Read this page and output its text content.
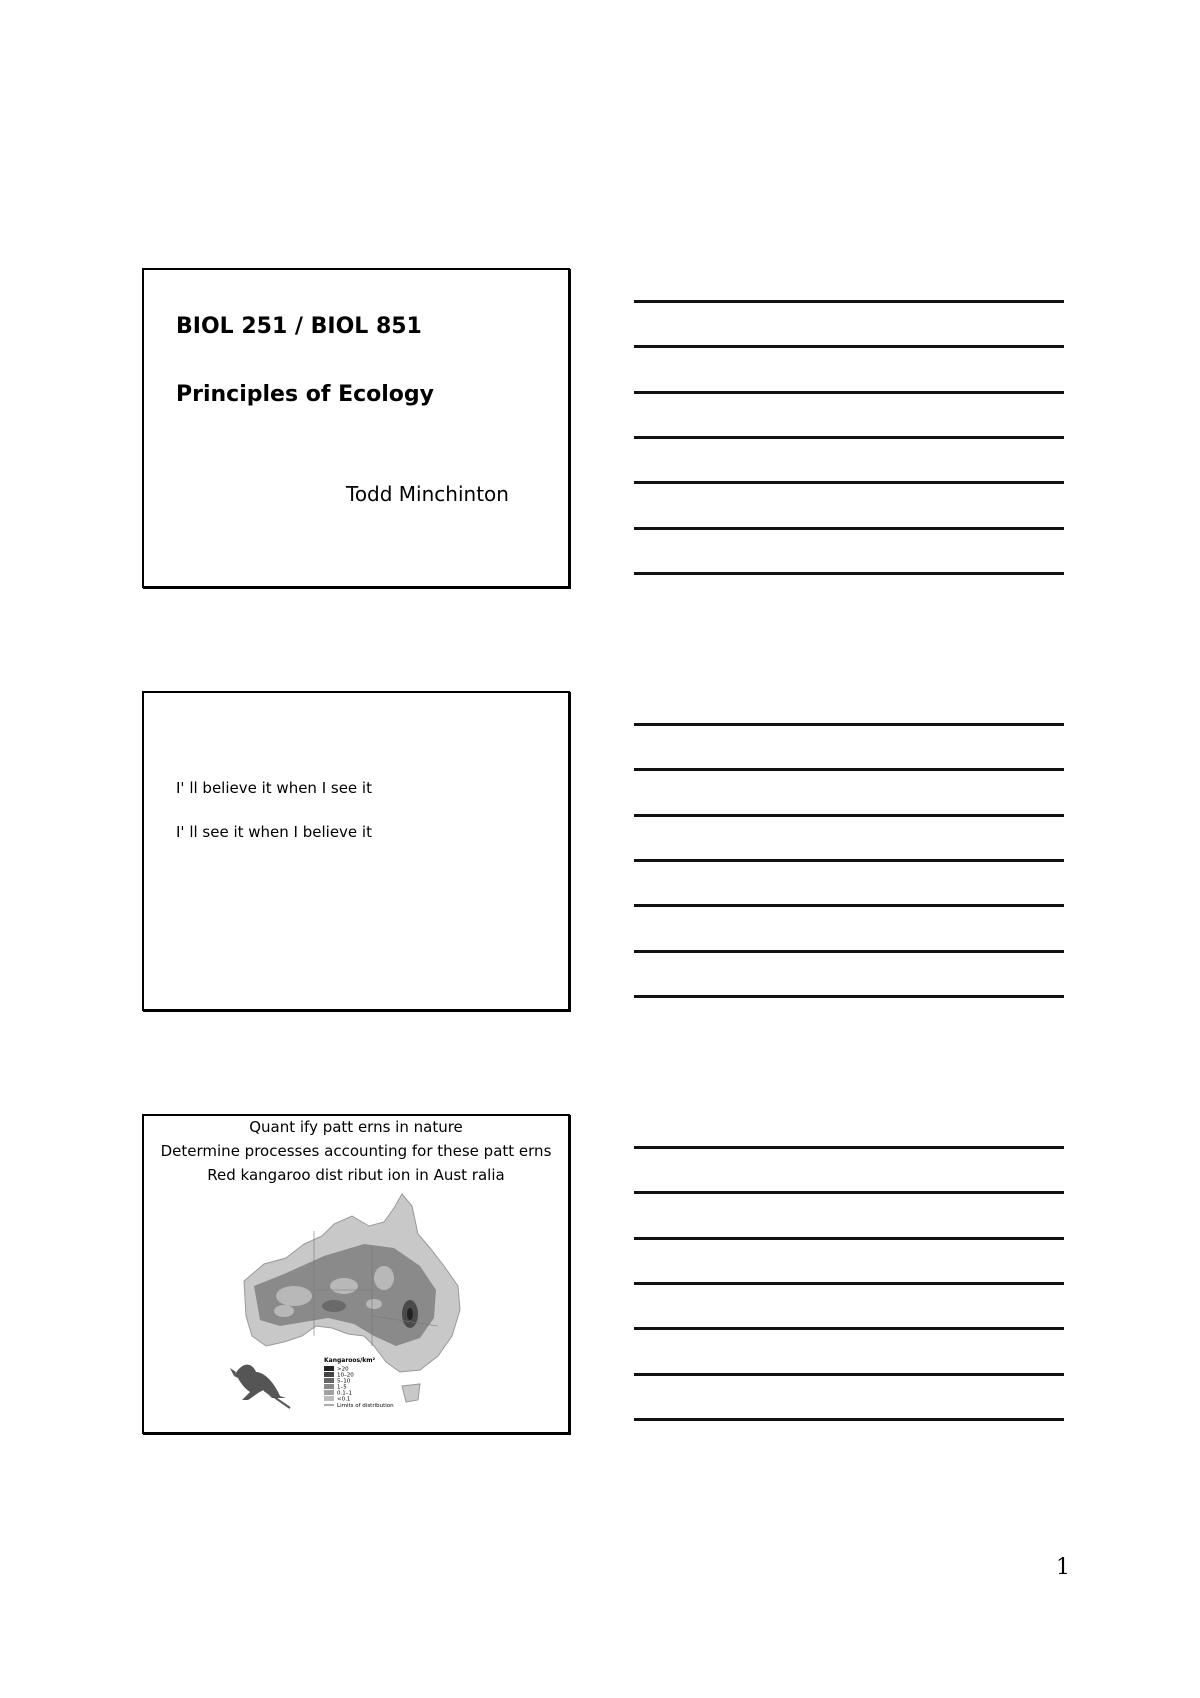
BIOL 251 / BIOL 851
Principles of Ecology
Todd Minchinton
I' ll believe it when I see it
I' ll see it when I believe it
Quant ify patt erns in nature
Determine processes accounting for these patt erns
Red kangaroo dist ribut ion in Aust ralia
Kangaroos/km²
>20
10–20
5–10
1–5
0.1–1
<0.1
Limits of distribution
1
